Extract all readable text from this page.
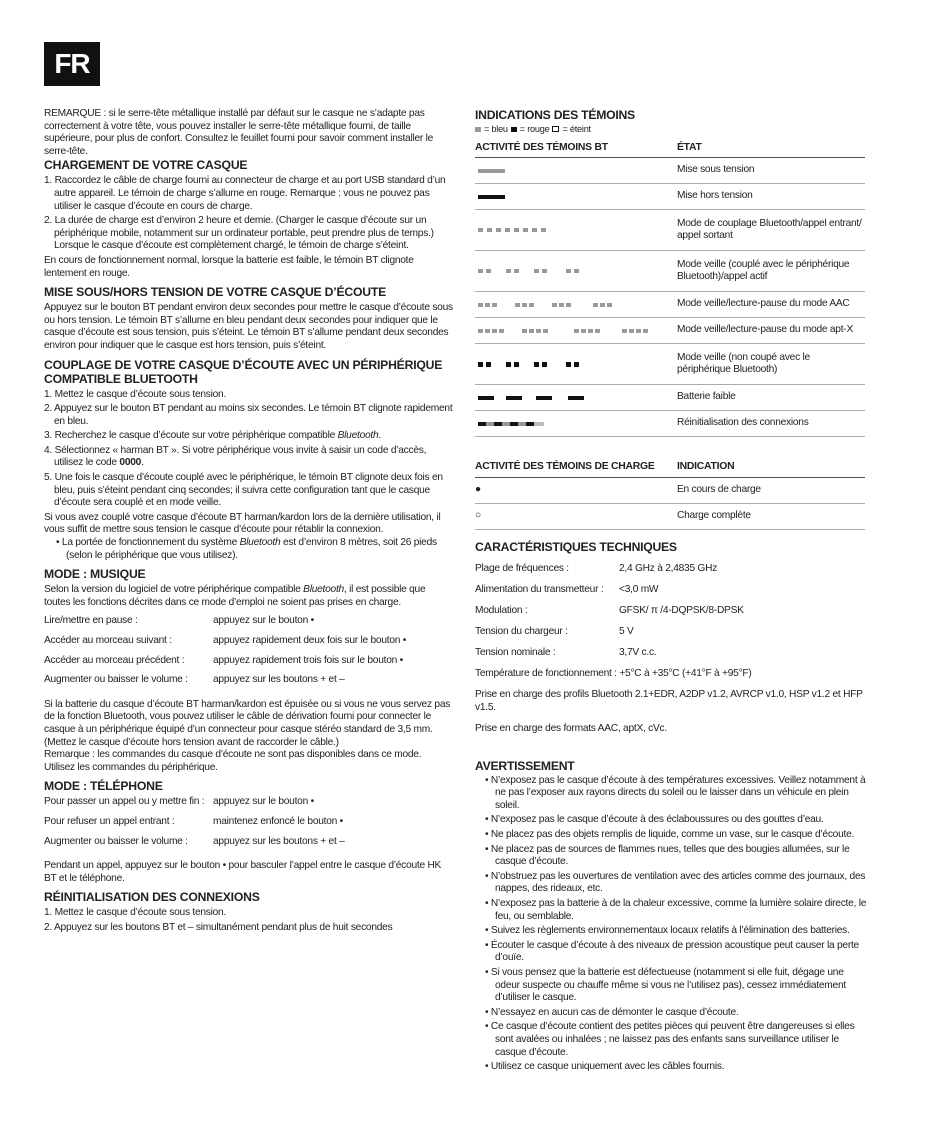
FR

REMARQUE : si le serre-tête métallique installé par défaut sur le casque ne s’adapte pas correctement à votre tête, vous pouvez installer le serre-tête métallique fourni, de taille supérieure, pour plus de confort. Consultez le feuillet fourni pour savoir comment installer le serre-tête.

CHARGEMENT DE VOTRE CASQUE
1. Raccordez le câble de charge fourni au connecteur de charge et au port USB standard d’un autre appareil. Le témoin de charge s’allume en rouge. Remarque : vous ne pouvez pas utiliser le casque d’écoute en cours de charge.
2. La durée de charge est d’environ 2 heure et demie. (Charger le casque d’écoute sur un périphérique mobile, notamment sur un ordinateur portable, peut prendre plus de temps.) Lorsque le casque d’écoute est complètement chargé, le témoin de charge s’éteint.

En cours de fonctionnement normal, lorsque la batterie est faible, le témoin BT clignote lentement en rouge.

MISE SOUS/HORS TENSION DE VOTRE CASQUE D’ÉCOUTE

Appuyez sur le bouton BT pendant environ deux secondes pour mettre le casque d’écoute sous ou hors tension. Le témoin BT s’allume en bleu pendant deux secondes pour indiquer que le casque d’écoute est sous tension, puis s’éteint. Le témoin BT s’allume pendant deux secondes environ pour indiquer que le casque est hors tension, puis s’éteint.

COUPLAGE DE VOTRE CASQUE D’ÉCOUTE AVEC UN PÉRIPHÉRIQUE COMPATIBLE BLUETOOTH
1. Mettez le casque d’écoute sous tension.
2. Appuyez sur le bouton BT pendant au moins six secondes. Le témoin BT clignote rapidement en bleu.
3. Recherchez le casque d’écoute sur votre périphérique compatible Bluetooth.
4. Sélectionnez « harman BT ». Si votre périphérique vous invite à saisir un code d’accès, utilisez le code 0000.
5. Une fois le casque d’écoute couplé avec le périphérique, le témoin BT clignote deux fois en bleu, puis s’éteint pendant cinq secondes; il suivra cette configuration tant que le casque d’écoute sera couplé et en mode veille.

Si vous avez couplé votre casque d’écoute BT harman/kardon lors de la dernière utilisation, il vous suffit de mettre sous tension le casque d’écoute pour rétablir la connexion.

• La portée de fonctionnement du système Bluetooth est d’environ 8 mètres, soit 26 pieds (selon le périphérique que vous utilisez).
MODE : MUSIQUE

Selon la version du logiciel de votre périphérique compatible Bluetooth, il est possible que toutes les fonctions décrites dans ce mode d’emploi ne soient pas prises en charge.

Lire/mettre en pause :	appuyez sur le bouton •
Accéder au morceau suivant :	appuyez rapidement deux fois sur le bouton •
Accéder au morceau précédent :	appuyez rapidement trois fois sur le bouton •
Augmenter ou baisser le volume :	appuyez sur les boutons + et –

Si la batterie du casque d’écoute BT harman/kardon est épuisée ou si vous ne vous servez pas de la fonction Bluetooth, vous pouvez utiliser le câble de dérivation fourni pour connecter le casque à un périphérique équipé d’un connecteur pour casque stéréo standard de 3,5 mm. (Mettez le casque d’écoute hors tension avant de raccorder le câble.)

Remarque : les commandes du casque d’écoute ne sont pas disponibles dans ce mode. Utilisez les commandes du périphérique.

MODE : TÉLÉPHONE
Pour passer un appel ou y mettre fin : appuyez sur le bouton •
Pour refuser un appel entrant :	maintenez enfoncé le bouton •
Augmenter ou baisser le volume :	appuyez sur les boutons + et –

Pendant un appel, appuyez sur le bouton • pour basculer l’appel entre le casque d’écoute HK BT et le téléphone.

RÉINITIALISATION DES CONNEXIONS
1. Mettez le casque d’écoute sous tension.
2. Appuyez sur les boutons BT et – simultanément pendant plus de huit secondes
INDICATIONS DES TÉMOINS
= bleu = rouge = éteint
ACTIVITÉ DES TÉMOINS BT	ÉTAT

	Mise sous tension

	Mise hors tension

	Mode de couplage Bluetooth/appel entrant/ appel sortant

	Mode veille (couplé avec le périphérique Bluetooth)/appel actif

	Mode veille/lecture-pause du mode AAC

	Mode veille/lecture-pause du mode apt-X

	Mode veille (non coupé avec le périphérique Bluetooth)

	Batterie faible

	Réinitialisation des connexions
ACTIVITÉ DES TÉMOINS DE CHARGE	INDICATION
●	En cours de charge
○	Charge complète
CARACTÉRISTIQUES TECHNIQUES
Plage de fréquences :	2,4 GHz à 2,4835 GHz
Alimentation du transmetteur :	<3,0 mW
Modulation :	GFSK/ π /4-DQPSK/8-DPSK
Tension du chargeur :	5 V
Tension nominale :	3,7V c.c.

Température de fonctionnement : +5°C à +35°C (+41°F à +95°F)

Prise en charge des profils Bluetooth 2.1+EDR, A2DP v1.2, AVRCP v1.0, HSP v1.2 et HFP v1.5.

Prise en charge des formats AAC, aptX, cVc.

AVERTISSEMENT
• N’exposez pas le casque d’écoute à des températures excessives. Veillez notamment à ne pas l’exposer aux rayons directs du soleil ou le laisser dans un véhicule en plein soleil.
• N’exposez pas le casque d’écoute à des éclaboussures ou des gouttes d’eau.
• Ne placez pas des objets remplis de liquide, comme un vase, sur le casque d’écoute.
• Ne placez pas de sources de flammes nues, telles que des bougies allumées, sur le casque d’écoute.
• N’obstruez pas les ouvertures de ventilation avec des articles comme des journaux, des nappes, des rideaux, etc.
• N’exposez pas la batterie à de la chaleur excessive, comme la lumière solaire directe, le feu, ou semblable.
• Suivez les règlements environnementaux locaux relatifs à l’élimination des batteries.
• Écouter le casque d’écoute à des niveaux de pression acoustique peut causer la perte d’ouïe.
• Si vous pensez que la batterie est défectueuse (notamment si elle fuit, dégage une odeur suspecte ou chauffe même si vous ne l’utilisez pas), cessez immédiatement d’utiliser le casque.
• N’essayez en aucun cas de démonter le casque d’écoute.
• Ce casque d’écoute contient des petites pièces qui peuvent être dangereuses si elles sont avalées ou inhalées ; ne laissez pas des enfants sans surveillance utiliser le casque d’écoute.
• Utilisez ce casque uniquement avec les câbles fournis.
